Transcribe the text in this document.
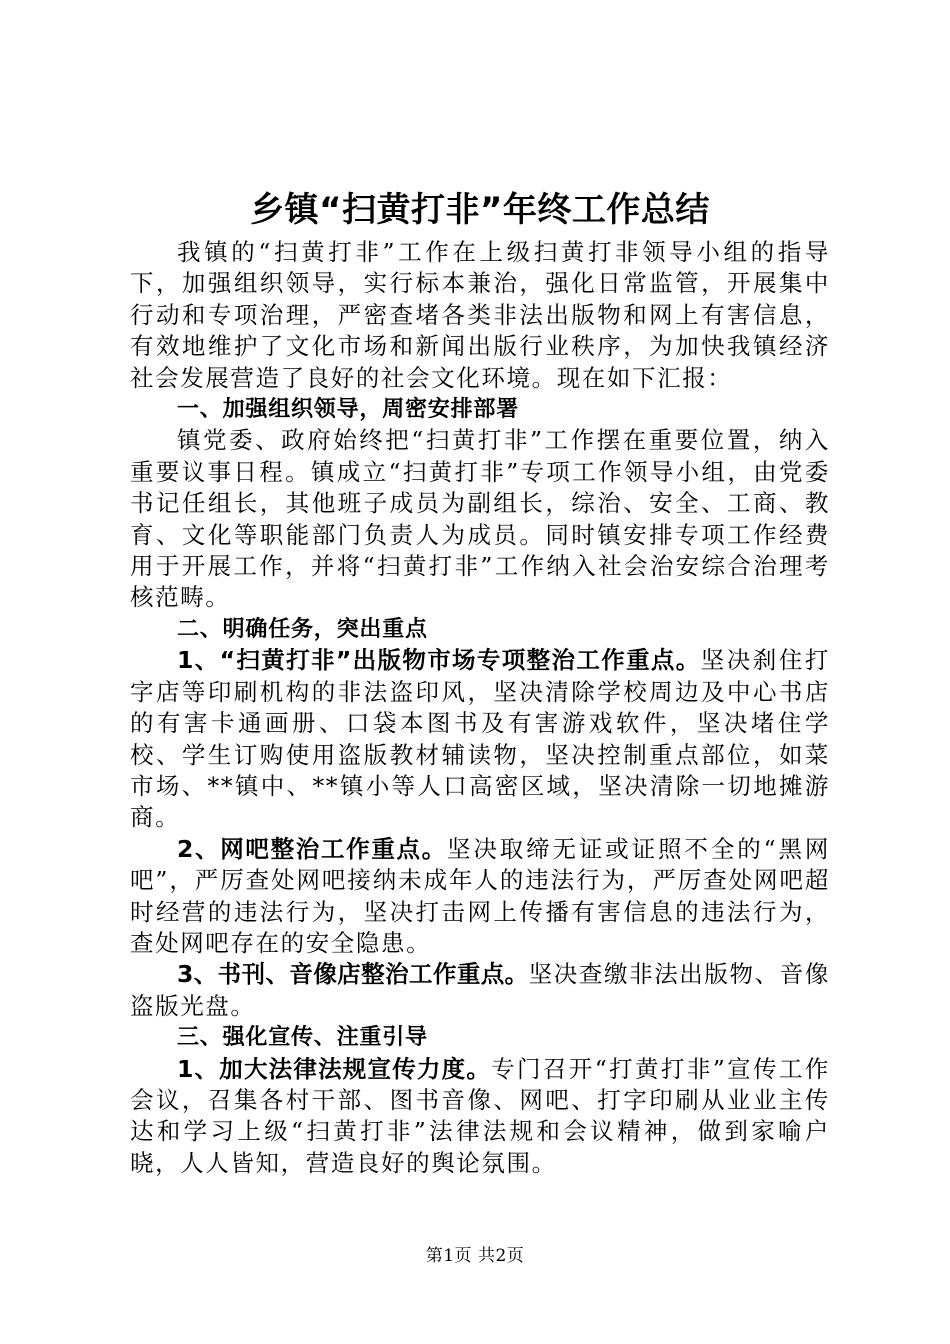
乡镇“扫黄打非”年终工作总结

我镇的“扫黄打非”工作在上级扫黄打非领导小组的指导下，加强组织领导，实行标本兼治，强化日常监管，开展集中行动和专项治理，严密查堵各类非法出版物和网上有害信息，有效地维护了文化市场和新闻出版行业秩序，为加快我镇经济社会发展营造了良好的社会文化环境。现在如下汇报：

一、加强组织领导，周密安排部署

镇党委、政府始终把“扫黄打非”工作摆在重要位置，纳入重要议事日程。镇成立“扫黄打非”专项工作领导小组，由党委书记任组长，其他班子成员为副组长，综治、安全、工商、教育、文化等职能部门负责人为成员。同时镇安排专项工作经费用于开展工作，并将“扫黄打非”工作纳入社会治安综合治理考核范畴。

二、明确任务，突出重点

1、“扫黄打非”出版物市场专项整治工作重点。坚决刹住打字店等印刷机构的非法盗印风，坚决清除学校周边及中心书店的有害卡通画册、口袋本图书及有害游戏软件，坚决堵住学校、学生订购使用盗版教材辅读物，坚决控制重点部位，如菜市场、**镇中、**镇小等人口高密区域，坚决清除一切地摊游商。

2、网吧整治工作重点。坚决取缔无证或证照不全的“黑网吧”，严厉查处网吧接纳未成年人的违法行为，严厉查处网吧超时经营的违法行为，坚决打击网上传播有害信息的违法行为，查处网吧存在的安全隐患。

3、书刊、音像店整治工作重点。坚决查缴非法出版物、音像盗版光盘。

三、强化宣传、注重引导

1、加大法律法规宣传力度。专门召开“打黄打非”宣传工作会议，召集各村干部、图书音像、网吧、打字印刷从业业主传达和学习上级“扫黄打非”法律法规和会议精神，做到家喻户晓，人人皆知，营造良好的舆论氛围。

第1页 共2页
